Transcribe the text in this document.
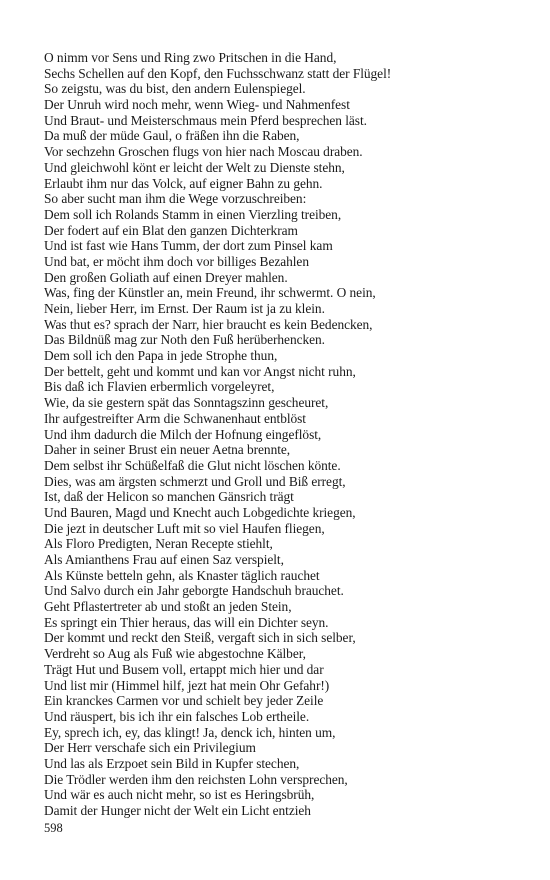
O nimm vor Sens und Ring zwo Pritschen in die Hand,
Sechs Schellen auf den Kopf, den Fuchsschwanz statt der Flügel!
So zeigstu, was du bist, den andern Eulenspiegel.
Der Unruh wird noch mehr, wenn Wieg- und Nahmenfest
Und Braut- und Meisterschmaus mein Pferd besprechen läst.
Da muß der müde Gaul, o fräßen ihn die Raben,
Vor sechzehn Groschen flugs von hier nach Moscau draben.
Und gleichwohl könt er leicht der Welt zu Dienste stehn,
Erlaubt ihm nur das Volck, auf eigner Bahn zu gehn.
So aber sucht man ihm die Wege vorzuschreiben:
Dem soll ich Rolands Stamm in einen Vierzling treiben,
Der fodert auf ein Blat den ganzen Dichterkram
Und ist fast wie Hans Tumm, der dort zum Pinsel kam
Und bat, er möcht ihm doch vor billiges Bezahlen
Den großen Goliath auf einen Dreyer mahlen.
Was, fing der Künstler an, mein Freund, ihr schwermt. O nein,
Nein, lieber Herr, im Ernst. Der Raum ist ja zu klein.
Was thut es? sprach der Narr, hier braucht es kein Bedencken,
Das Bildnüß mag zur Noth den Fuß herüberhencken.
Dem soll ich den Papa in jede Strophe thun,
Der bettelt, geht und kommt und kan vor Angst nicht ruhn,
Bis daß ich Flavien erbermlich vorgeleyret,
Wie, da sie gestern spät das Sonntagszinn gescheuret,
Ihr aufgestreifter Arm die Schwanenhaut entblöst
Und ihm dadurch die Milch der Hofnung eingeflöst,
Daher in seiner Brust ein neuer Aetna brennte,
Dem selbst ihr Schüßelfaß die Glut nicht löschen könte.
Dies, was am ärgsten schmerzt und Groll und Biß erregt,
Ist, daß der Helicon so manchen Gänsrich trägt
Und Bauren, Magd und Knecht auch Lobgedichte kriegen,
Die jezt in deutscher Luft mit so viel Haufen fliegen,
Als Floro Predigten, Neran Recepte stiehlt,
Als Amianthens Frau auf einen Saz verspielt,
Als Künste betteln gehn, als Knaster täglich rauchet
Und Salvo durch ein Jahr geborgte Handschuh brauchet.
Geht Pflastertreter ab und stoßt an jeden Stein,
Es springt ein Thier heraus, das will ein Dichter seyn.
Der kommt und reckt den Steiß, vergaft sich in sich selber,
Verdreht so Aug als Fuß wie abgestochne Kälber,
Trägt Hut und Busem voll, ertappt mich hier und dar
Und list mir (Himmel hilf, jezt hat mein Ohr Gefahr!)
Ein kranckes Carmen vor und schielt bey jeder Zeile
Und räuspert, bis ich ihr ein falsches Lob ertheile.
Ey, sprech ich, ey, das klingt! Ja, denck ich, hinten um,
Der Herr verschafe sich ein Privilegium
Und las als Erzpoet sein Bild in Kupfer stechen,
Die Trödler werden ihm den reichsten Lohn versprechen,
Und wär es auch nicht mehr, so ist es Heringsbrüh,
Damit der Hunger nicht der Welt ein Licht entzieh
598
